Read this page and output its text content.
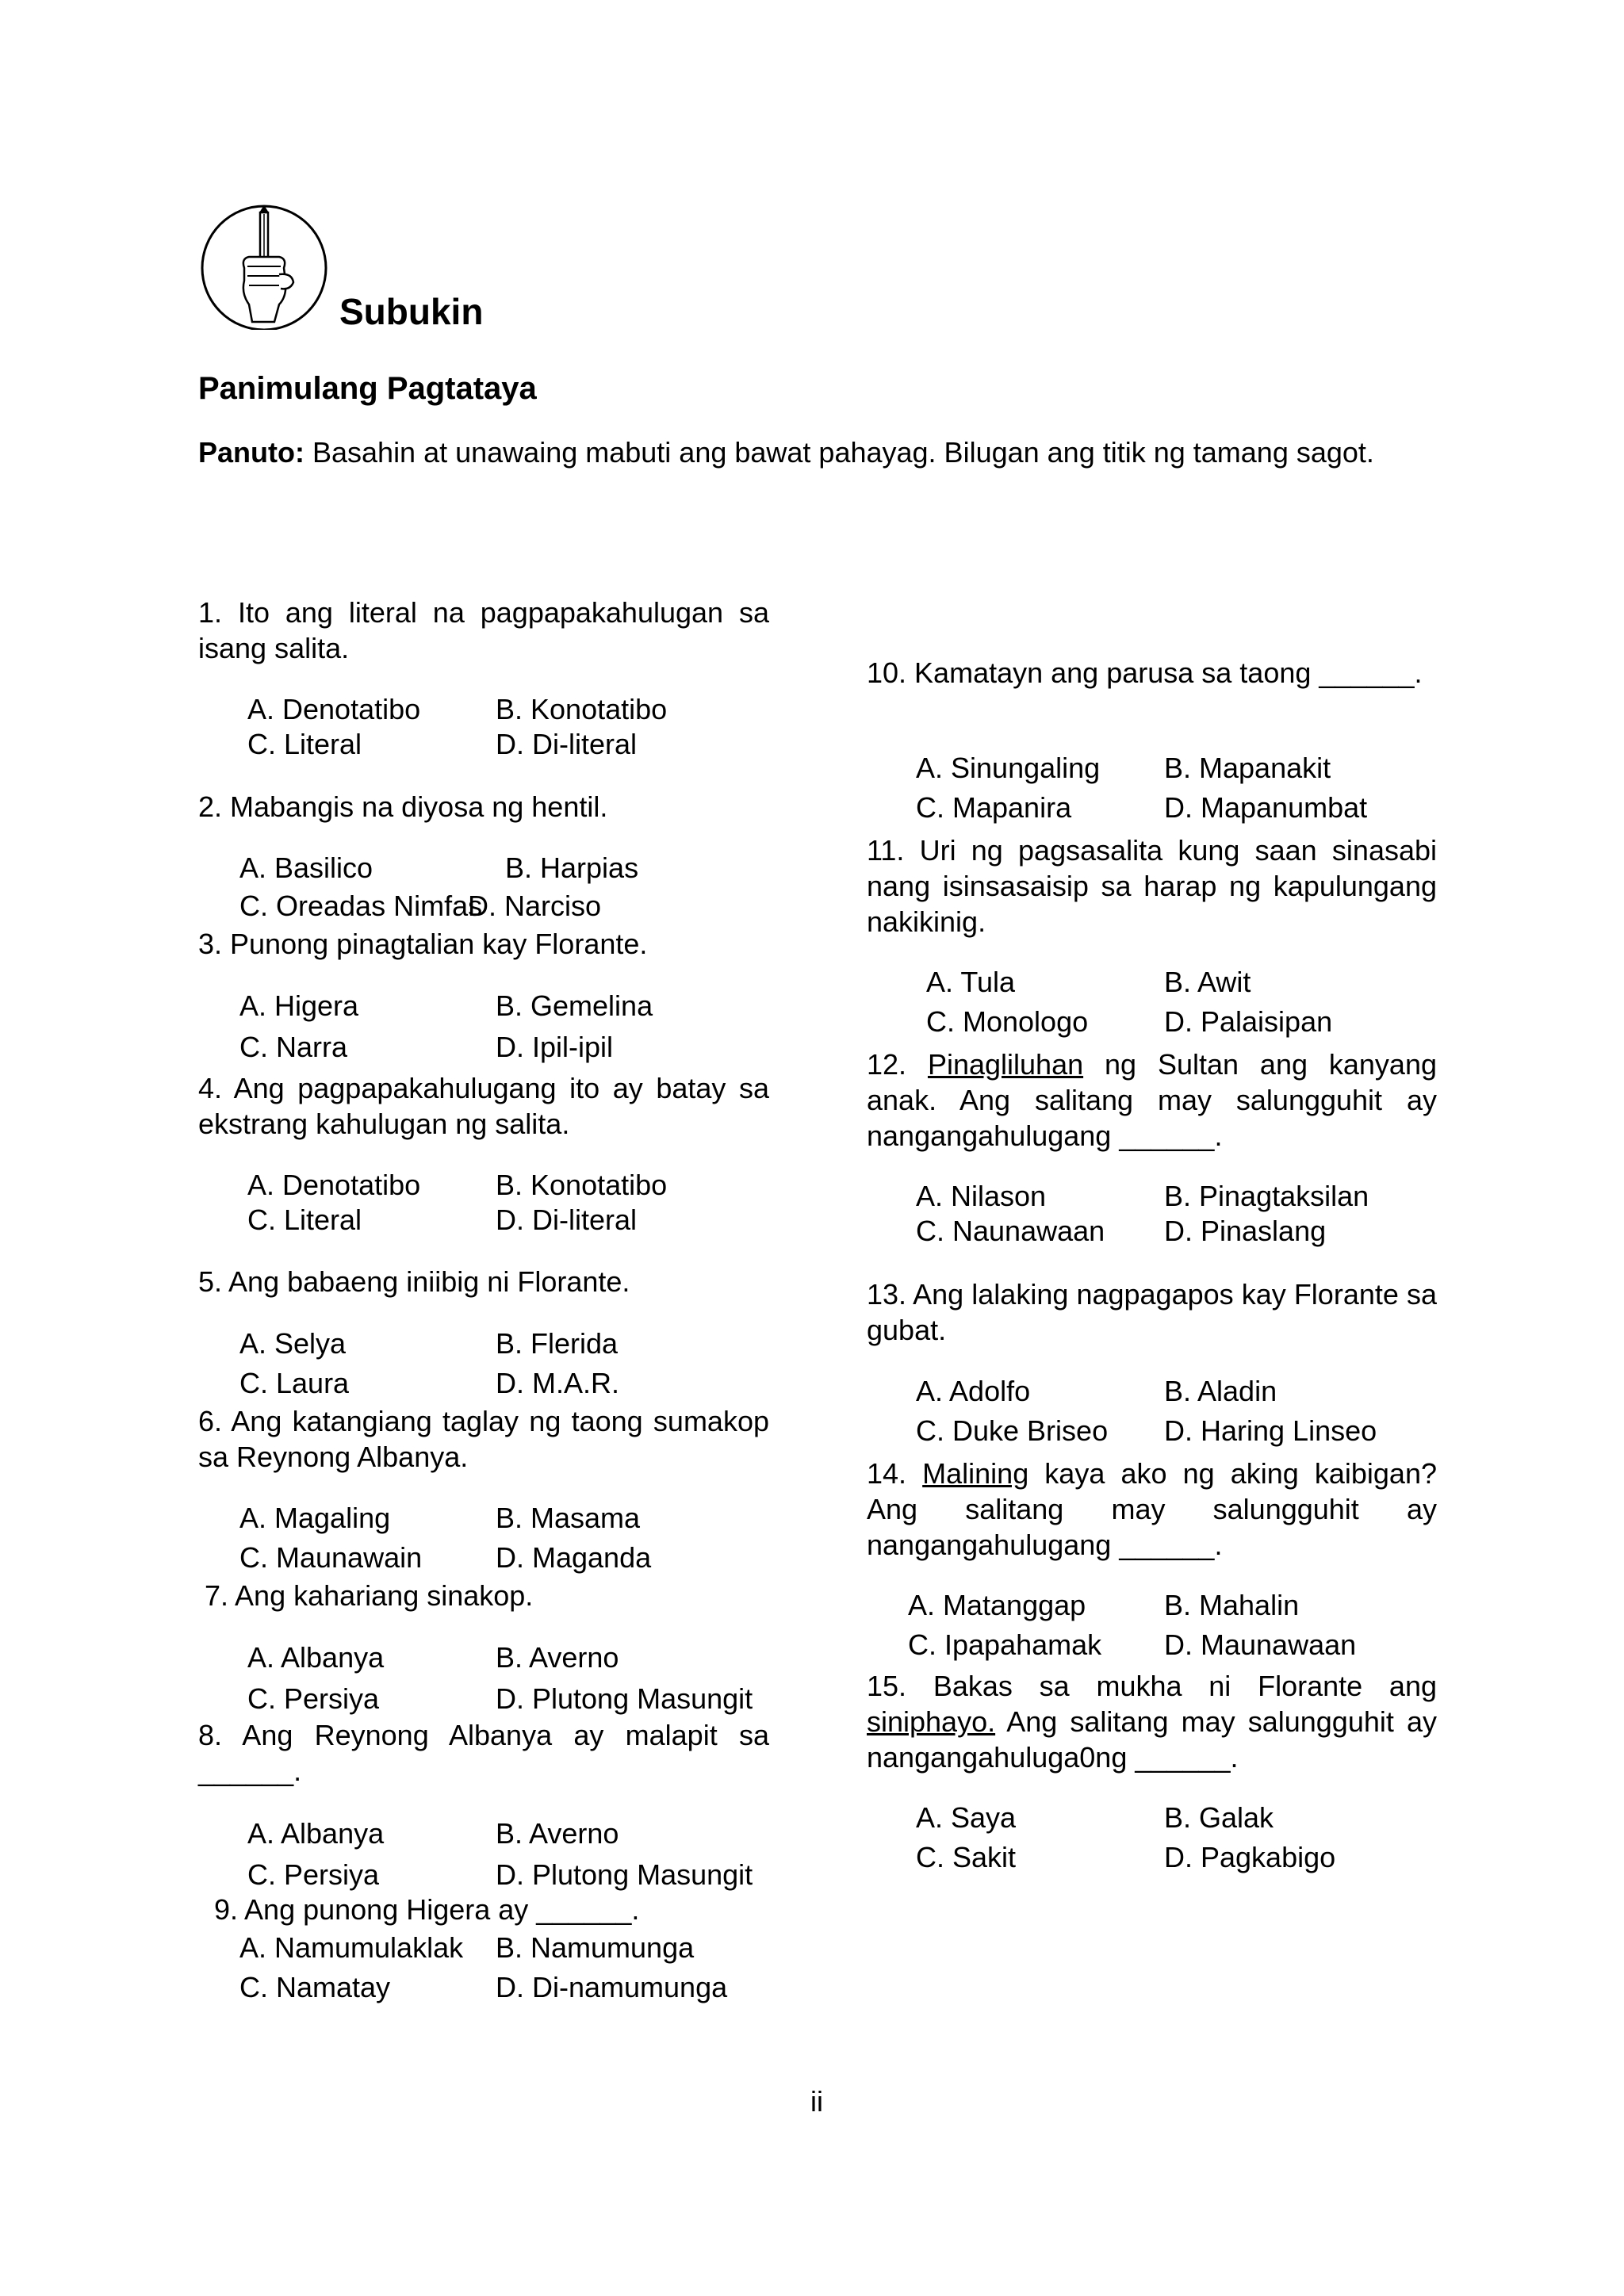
Subukin
Panimulang Pagtataya

Panuto: Basahin at unawaing mabuti ang bawat pahayag. Bilugan ang titik ng tamang sagot.

1. Ito ang literal na pagpapakahulugan sa isang salita.
A. Denotatibo	B. Konotatibo
C. Literal	D. Di-literal
2. Mabangis na diyosa ng hentil.
A. Basilico	B. Harpias
C. Oreadas Nimfas
D. Narciso
3. Punong pinagtalian kay Florante.
A. Higera	B. Gemelina
C. Narra	D. Ipil-ipil
4. Ang pagpapakahulugang ito ay batay sa ekstrang kahulugan ng salita.
A. Denotatibo	B. Konotatibo
C. Literal	D. Di-literal
5. Ang babaeng iniibig ni Florante.
A. Selya	B. Flerida
C. Laura	D. M.A.R.
6. Ang katangiang taglay ng taong sumakop sa Reynong Albanya.
A. Magaling	B. Masama
C. Maunawain	D. Maganda
7. Ang kahariang sinakop.
A. Albanya	B. Averno
C. Persiya	D. Plutong Masungit
8. Ang Reynong Albanya ay malapit sa ______.
A. Albanya	B. Averno
C. Persiya	D. Plutong Masungit
9. Ang punong Higera ay ______.
A. Namumulaklak B. Namumunga
C. Namatay	D. Di-namumunga
10. Kamatayn ang parusa sa taong ______.
A. Sinungaling B. Mapanakit
C. Mapanira	D. Mapanumbat
11. Uri ng pagsasalita kung saan sinasabi nang isinsasaisip sa harap ng kapulungang nakikinig.
A. Tula	B. Awit
C. Monologo	D. Palaisipan
12. Pinagliluhan ng Sultan ang kanyang anak. Ang salitang may salungguhit ay nangangahulugang ______.
A. Nilason	B. Pinagtaksilan
C. Naunawaan D. Pinaslang
13. Ang lalaking nagpagapos kay Florante sa gubat.
A. Adolfo	B. Aladin
C. Duke Briseo D. Haring Linseo
14. Malining kaya ako ng aking kaibigan? Ang salitang may salungguhit ay nangangahulugang ______.
A. Matanggap	B. Mahalin
C. Ipapahamak D. Maunawaan
15. Bakas sa mukha ni Florante ang siniphayo. Ang salitang may salungguhit ay nangangahuluga0ng ______.
A. Saya	B. Galak
C. Sakit	D. Pagkabigo
ii
